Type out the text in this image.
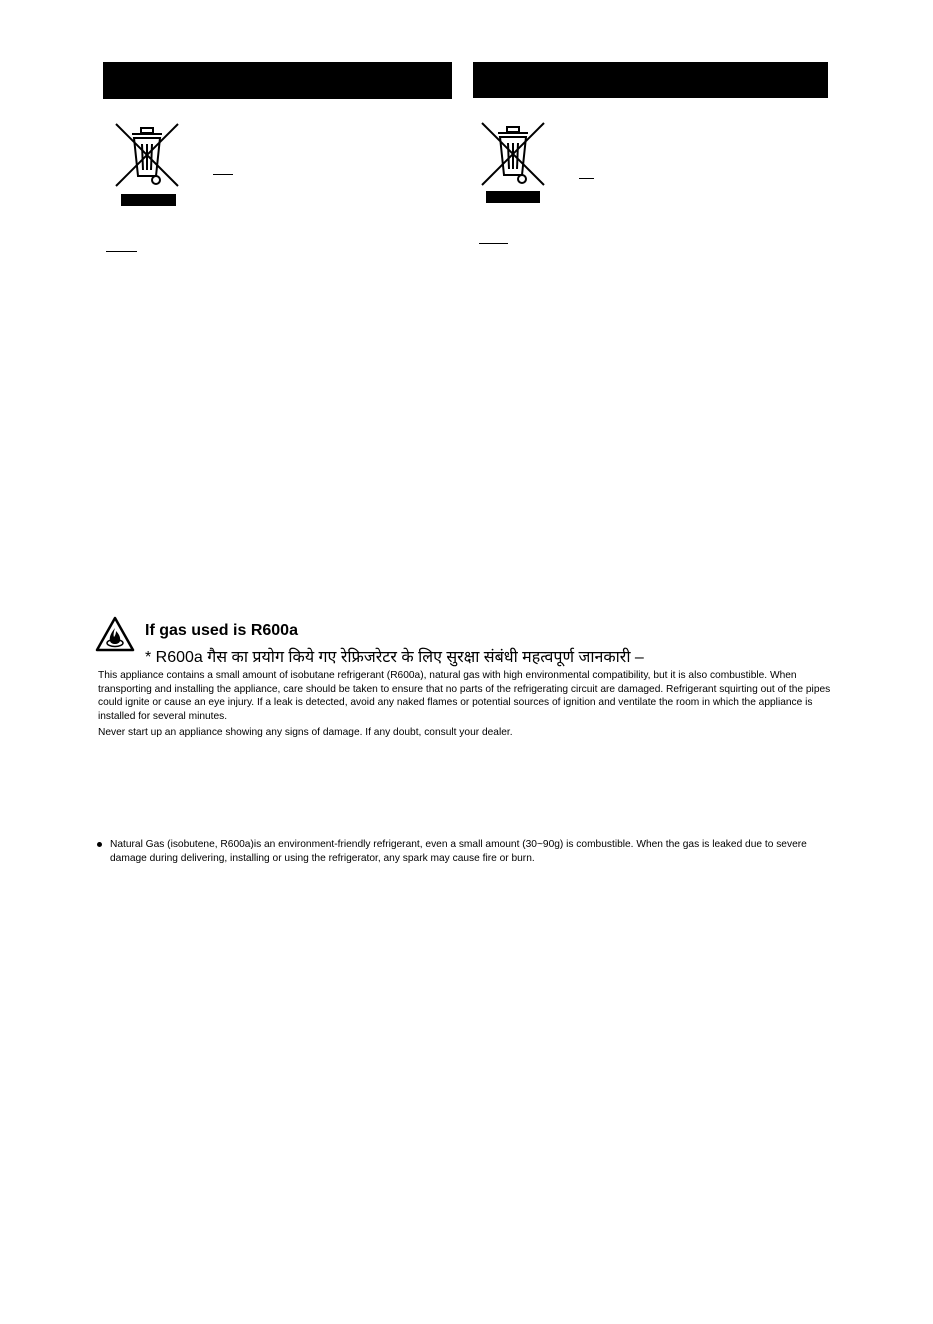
If gas used is R600a
* R600a गैस का प्रयोग किये गए रेफ्रिजरेटर के लिए सुरक्षा संबंधी महत्वपूर्ण जानकारी –
This appliance contains a small amount of isobutane refrigerant (R600a), natural gas with high environmental compatibility, but it is also combustible. When transporting and installing the appliance, care should be taken to ensure that no parts of the refrigerating circuit are damaged. Refrigerant squirting out of the pipes could ignite or cause an eye injury. If a leak is detected, avoid any naked flames or potential sources of ignition and ventilate the room in which the appliance is installed for several minutes.
Never start up an appliance showing any signs of damage. If any doubt, consult your dealer.
Natural Gas (isobutene, R600a)is an environment-friendly refrigerant, even a small amount (30~90g) is combustible. When the gas is leaked due to severe damage during delivering, installing or using the refrigerator, any spark may cause fire or burn.
